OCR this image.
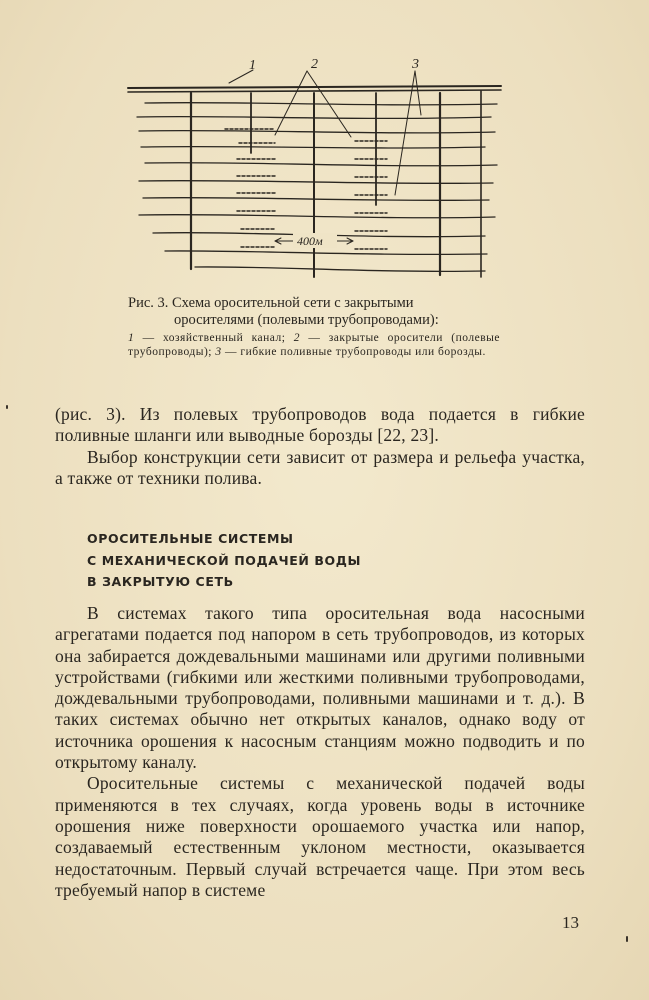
1	2	3
400м
Рис. 3. Схема оросительной сети с закрытыми
оросителями (полевыми трубопроводами):
1 — хозяйственный канал; 2 — закрытые оросители (полевые трубопроводы); 3 — гибкие поливные трубопроводы или борозды.

(рис. 3). Из полевых трубопроводов вода подается в гибкие поливные шланги или выводные борозды [22, 23].

Выбор конструкции сети зависит от размера и рельефа участка, а также от техники полива.

ОРОСИТЕЛЬНЫЕ СИСТЕМЫ
С МЕХАНИЧЕСКОЙ ПОДАЧЕЙ ВОДЫ
В ЗАКРЫТУЮ СЕТЬ

В системах такого типа оросительная вода насосными агрегатами подается под напором в сеть трубопроводов, из которых она забирается дождевальными машинами или другими поливными устройствами (гибкими или жесткими поливными трубопроводами, дождевальными трубопроводами, поливными машинами и т. д.). В таких системах обычно нет открытых каналов, однако воду от источника орошения к насосным станциям можно подводить и по открытому каналу.

Оросительные системы с механической подачей воды применяются в тех случаях, когда уровень воды в источнике орошения ниже поверхности орошаемого участка или напор, создаваемый естественным уклоном местности, оказывается недостаточным. Первый случай встречается чаще. При этом весь требуемый напор в системе

13
